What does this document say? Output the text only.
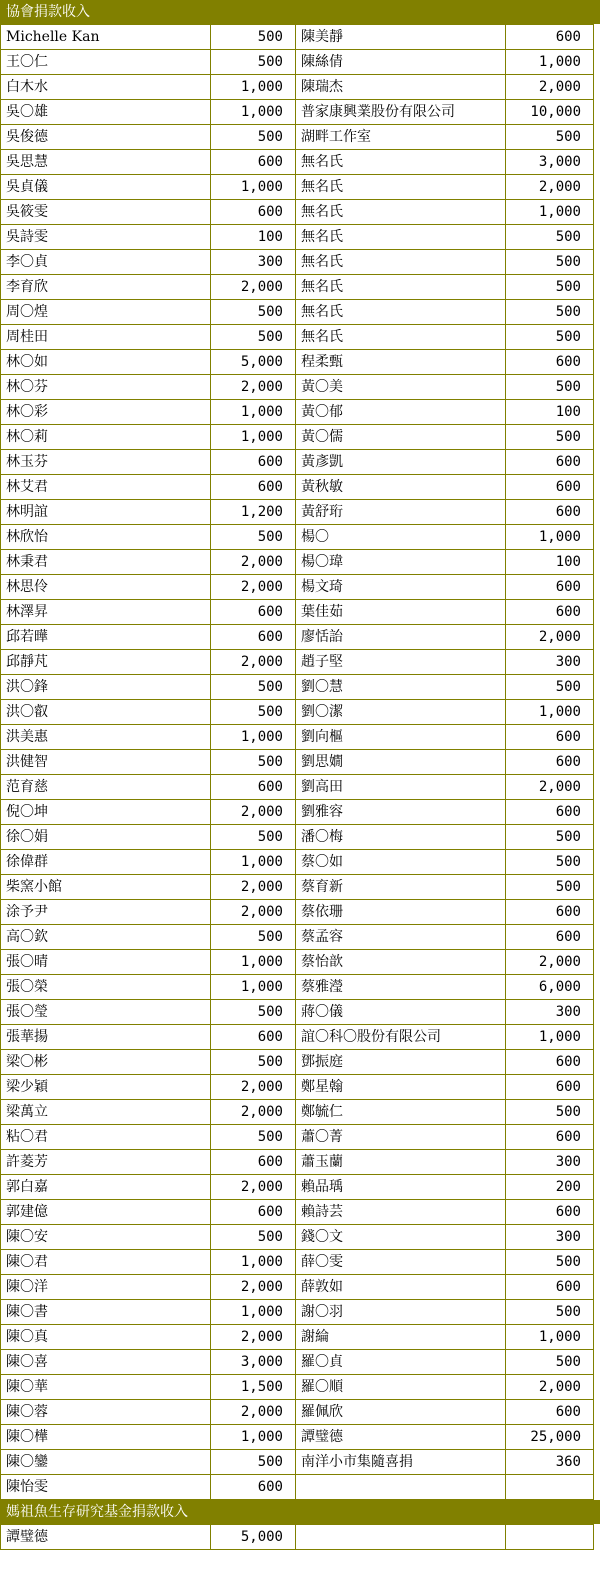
協會捐款收入
Michelle Kan	500	陳美靜	600
王〇仁	500	陳絲倩	1,000
白木水	1,000	陳瑞杰	2,000
吳〇雄	1,000	普家康興業股份有限公司	10,000
吳俊德	500	湖畔工作室	500
吳思慧	600	無名氏	3,000
吳貞儀	1,000	無名氏	2,000
吳筱雯	600	無名氏	1,000
吳詩雯	100	無名氏	500
李〇貞	300	無名氏	500
李育欣	2,000	無名氏	500
周〇煌	500	無名氏	500
周桂田	500	無名氏	500
林〇如	5,000	程柔甄	600
林〇芬	2,000	黃〇美	500
林〇彩	1,000	黃〇郁	100
林〇莉	1,000	黃〇儒	500
林玉芬	600	黃彥凱	600
林艾君	600	黃秋敏	600
林明誼	1,200	黃舒珩	600
林欣怡	500	楊〇	1,000
林秉君	2,000	楊〇瑋	100
林思伶	2,000	楊文琦	600
林澤昇	600	葉佳茹	600
邱若曄	600	廖恬詒	2,000
邱靜芃	2,000	趙子堅	300
洪〇鋒	500	劉〇慧	500
洪〇叡	500	劉〇潔	1,000
洪美惠	1,000	劉向樞	600
洪健智	500	劉思嫺	600
范育慈	600	劉高田	2,000
倪〇坤	2,000	劉雅容	600
徐〇娟	500	潘〇梅	500
徐偉群	1,000	蔡〇如	500
柴窯小館	2,000	蔡育新	500
涂予尹	2,000	蔡依珊	600
高〇欽	500	蔡孟容	600
張〇晴	1,000	蔡怡歆	2,000
張〇榮	1,000	蔡雅瀅	6,000
張〇瑩	500	蔣〇儀	300
張華揚	600	誼〇科〇股份有限公司	1,000
梁〇彬	500	鄧振庭	600
梁少穎	2,000	鄭星翰	600
梁萬立	2,000	鄭毓仁	500
粘〇君	500	蕭〇菁	600
許菱芳	600	蕭玉蘭	300
郭白嘉	2,000	賴品瑀	200
郭建億	600	賴詩芸	600
陳〇安	500	錢〇文	300
陳〇君	1,000	薛〇雯	500
陳〇洋	2,000	薛敦如	600
陳〇書	1,000	謝〇羽	500
陳〇真	2,000	謝綸	1,000
陳〇喜	3,000	羅〇貞	500
陳〇華	1,500	羅〇順	2,000
陳〇蓉	2,000	羅佩欣	600
陳〇樺	1,000	譚璧德	25,000
陳〇鑾	500	南洋小市集隨喜捐	360
陳怡雯	600		
媽祖魚生存研究基金捐款收入
譚璧德	5,000		
